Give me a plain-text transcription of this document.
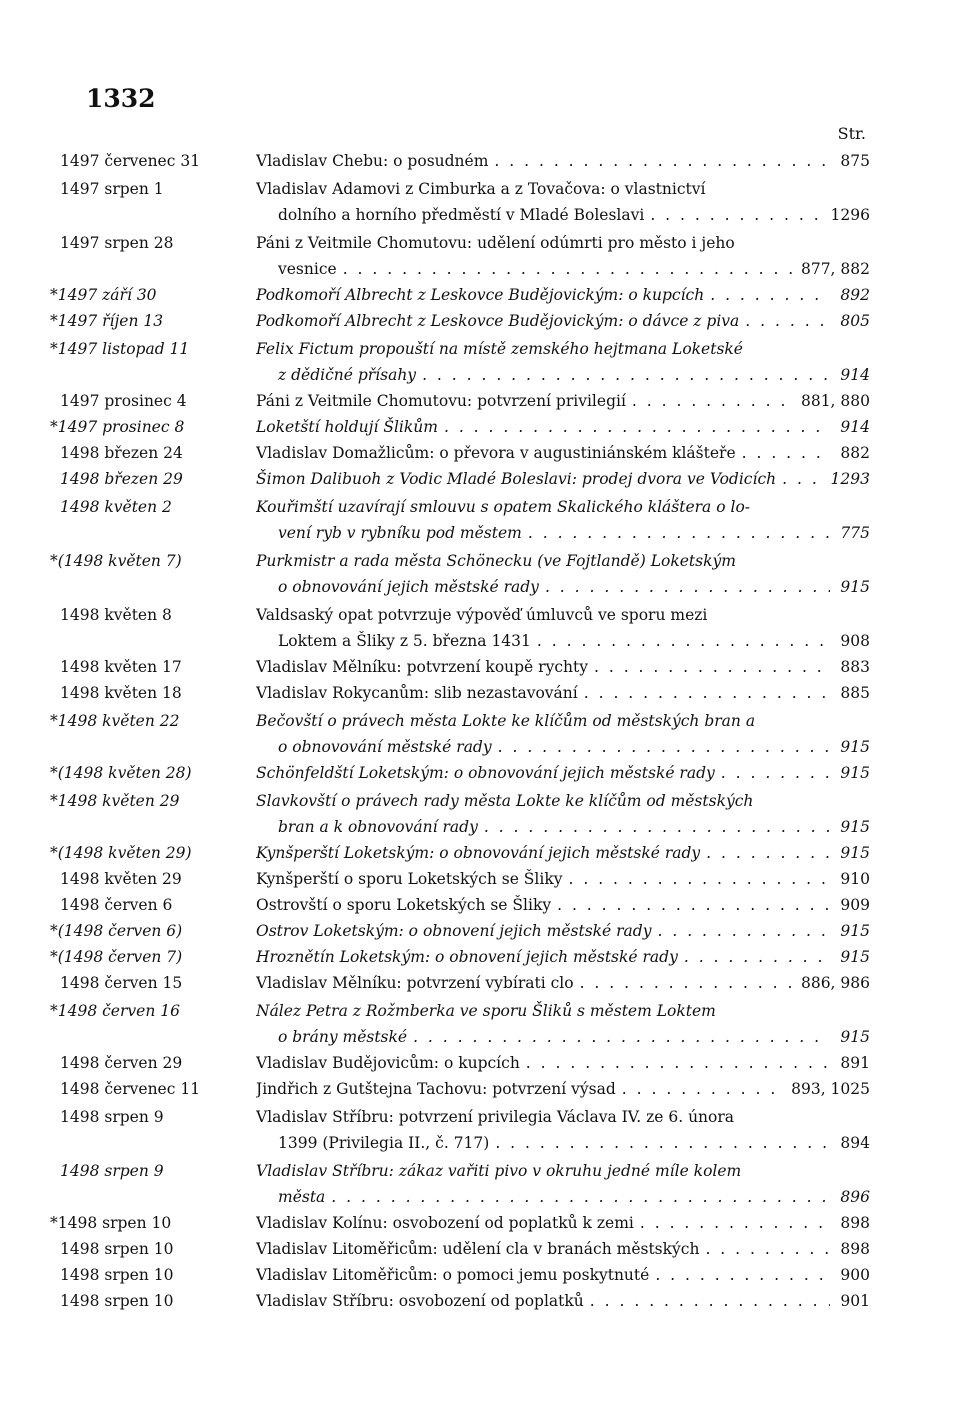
1332
Str.
1497 červenec 31	Vladislav Chebu: o posudném . . .	875
1497 srpen 1	Vladislav Adamovi z Cimburka a z Tovačova: o vlastnictví
dolního a horního předměstí v Mladé Boleslavi . . .	1296
1497 srpen 28	Páni z Veitmile Chomutovu: udělení odúmrti pro město i jeho
vesnice . . .	877, 882
*1497 září 30	Podkomoří Albrecht z Leskovce Budějovickým: o kupcích . . .	892
*1497 říjen 13	Podkomoří Albrecht z Leskovce Budějovickým: o dávce z piva . . .	805
*1497 listopad 11	Felix Fictum propouští na místě zemského hejtmana Loketské
z dědičné přísahy . . .	914
1497 prosinec 4	Páni z Veitmile Chomutovu: potvrzení privilegií . . .	881, 880
*1497 prosinec 8	Loketští holdují Šlikům . . .	914
1498 březen 24	Vladislav Domažlicům: o převora v augustiniánském klášteře . . .	882
1498 březen 29	Šimon Dalibuoh z Vodic Mladé Boleslavi: prodej dvora ve Vodicích . . .	1293
1498 květen 2	Kouřimští uzavírají smlouvu s opatem Skalického kláštera o lo-
vení ryb v rybníku pod městem . . .	775
*(1498 květen 7)	Purkmistr a rada města Schönecku (ve Fojtlandě) Loketským
o obnovování jejich městské rady . . .	915
1498 květen 8	Valdsaský opat potvrzuje výpověď úmluvců ve sporu mezi
Loktem a Šliky z 5. března 1431 . . .	908
1498 květen 17	Vladislav Mělníku: potvrzení koupě rychty . . .	883
1498 květen 18	Vladislav Rokycanům: slib nezastavování . . .	885
*1498 květen 22	Bečovští o právech města Lokte ke klíčům od městských bran a
o obnovování městské rady . . .	915
*(1498 květen 28)	Schönfeldští Loketským: o obnovování jejich městské rady . . .	915
*1498 květen 29	Slavkovští o právech rady města Lokte ke klíčům od městských
bran a k obnovování rady . . .	915
*(1498 květen 29)	Kynšperští Loketským: o obnovování jejich městské rady . . .	915
1498 květen 29	Kynšperští o sporu Loketských se Šliky . . .	910
1498 červen 6	Ostrovští o sporu Loketských se Šliky . . .	909
*(1498 červen 6)	Ostrov Loketským: o obnovení jejich městské rady . . .	915
*(1498 červen 7)	Hroznětín Loketským: o obnovení jejich městské rady . . .	915
1498 červen 15	Vladislav Mělníku: potvrzení vybírati clo . . .	886, 986
*1498 červen 16	Nález Petra z Rožmberka ve sporu Šliků s městem Loktem
o brány městské . . .	915
1498 červen 29	Vladislav Budějovicům: o kupcích . . .	891
1498 červenec 11	Jindřich z Gutštejna Tachovu: potvrzení výsad . . .	893, 1025
1498 srpen 9	Vladislav Stříbru: potvrzení privilegia Václava IV. ze 6. února
1399 (Privilegia II., č. 717) . . .	894
1498 srpen 9	Vladislav Stříbru: zákaz vařiti pivo v okruhu jedné míle kolem
města . . .	896
*1498 srpen 10	Vladislav Kolínu: osvobození od poplatků k zemi . . .	898
1498 srpen 10	Vladislav Litoměřicům: udělení cla v branách městských . . .	898
1498 srpen 10	Vladislav Litoměřicům: o pomoci jemu poskytnuté . . .	900
1498 srpen 10	Vladislav Stříbru: osvobození od poplatků . . .	901
